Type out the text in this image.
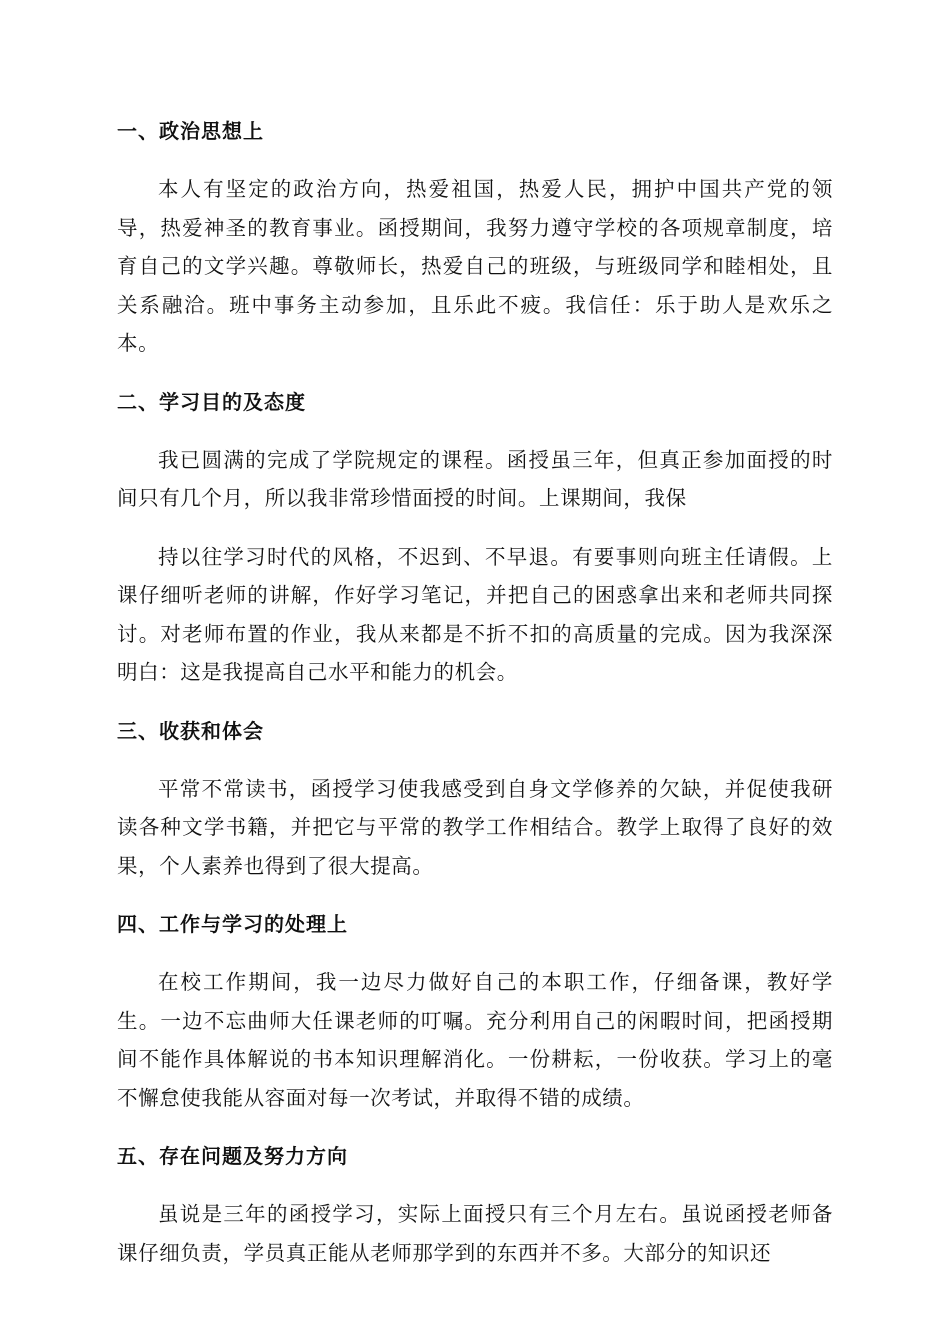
一、政治思想上

本人有坚定的政治方向，热爱祖国，热爱人民，拥护中国共产党的领导，热爱神圣的教育事业。函授期间，我努力遵守学校的各项规章制度，培育自己的文学兴趣。尊敬师长，热爱自己的班级，与班级同学和睦相处，且关系融洽。班中事务主动参加，且乐此不疲。我信任：乐于助人是欢乐之本。

二、学习目的及态度

我已圆满的完成了学院规定的课程。函授虽三年，但真正参加面授的时间只有几个月，所以我非常珍惜面授的时间。上课期间，我保

持以往学习时代的风格，不迟到、不早退。有要事则向班主任请假。上课仔细听老师的讲解，作好学习笔记，并把自己的困惑拿出来和老师共同探讨。对老师布置的作业，我从来都是不折不扣的高质量的完成。因为我深深明白：这是我提高自己水平和能力的机会。

三、收获和体会

平常不常读书，函授学习使我感受到自身文学修养的欠缺，并促使我研读各种文学书籍，并把它与平常的教学工作相结合。教学上取得了良好的效果，个人素养也得到了很大提高。

四、工作与学习的处理上

在校工作期间，我一边尽力做好自己的本职工作，仔细备课，教好学生。一边不忘曲师大任课老师的叮嘱。充分利用自己的闲暇时间，把函授期间不能作具体解说的书本知识理解消化。一份耕耘，一份收获。学习上的毫不懈怠使我能从容面对每一次考试，并取得不错的成绩。

五、存在问题及努力方向

虽说是三年的函授学习，实际上面授只有三个月左右。虽说函授老师备课仔细负责，学员真正能从老师那学到的东西并不多。大部分的知识还
